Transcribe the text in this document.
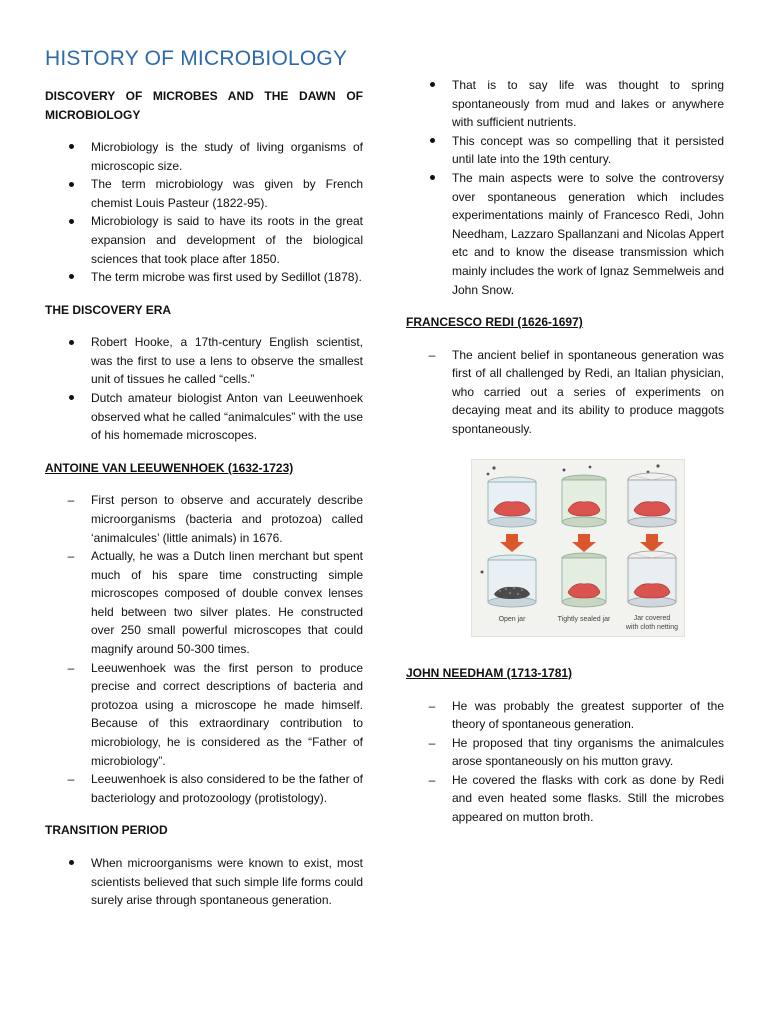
HISTORY OF MICROBIOLOGY

DISCOVERY OF MICROBES AND THE DAWN OF MICROBIOLOGY

Microbiology is the study of living organisms of microscopic size.
The term microbiology was given by French chemist Louis Pasteur (1822-95).
Microbiology is said to have its roots in the great expansion and development of the biological sciences that took place after 1850.
The term microbe was first used by Sedillot (1878).

THE DISCOVERY ERA

Robert Hooke, a 17th-century English scientist, was the first to use a lens to observe the smallest unit of tissues he called “cells.”
Dutch amateur biologist Anton van Leeuwenhoek observed what he called “animalcules” with the use of his homemade microscopes.

ANTOINE VAN LEEUWENHOEK (1632-1723)

–	First person to observe and accurately describe microorganisms (bacteria and protozoa) called ‘animalcules’ (little animals) in 1676.
–	Actually, he was a Dutch linen merchant but spent much of his spare time constructing simple microscopes composed of double convex lenses held between two silver plates. He constructed over 250 small powerful microscopes that could magnify around 50-300 times.
–	Leeuwenhoek was the first person to produce precise and correct descriptions of bacteria and protozoa using a microscope he made himself. Because of this extraordinary contribution to microbiology, he is considered as the “Father of microbiology”.
–	Leeuwenhoek is also considered to be the father of bacteriology and protozoology (protistology).

TRANSITION PERIOD

When microorganisms were known to exist, most scientists believed that such simple life forms could surely arise through spontaneous generation.
That is to say life was thought to spring spontaneously from mud and lakes or anywhere with sufficient nutrients.
This concept was so compelling that it persisted until late into the 19th century.
The main aspects were to solve the controversy over spontaneous generation which includes experimentations mainly of Francesco Redi, John Needham, Lazzaro Spallanzani and Nicolas Appert etc and to know the disease transmission which mainly includes the work of Ignaz Semmelweis and John Snow.

FRANCESCO REDI (1626-1697)

–	The ancient belief in spontaneous generation was first of all challenged by Redi, an Italian physician, who carried out a series of experiments on decaying meat and its ability to produce maggots spontaneously.
Open jar	Tightly sealed jar	Jar covered
with cloth netting

JOHN NEEDHAM (1713-1781)

–	He was probably the greatest supporter of the theory of spontaneous generation.
–	He proposed that tiny organisms the animalcules arose spontaneously on his mutton gravy.
–	He covered the flasks with cork as done by Redi and even heated some flasks. Still the microbes appeared on mutton broth.
